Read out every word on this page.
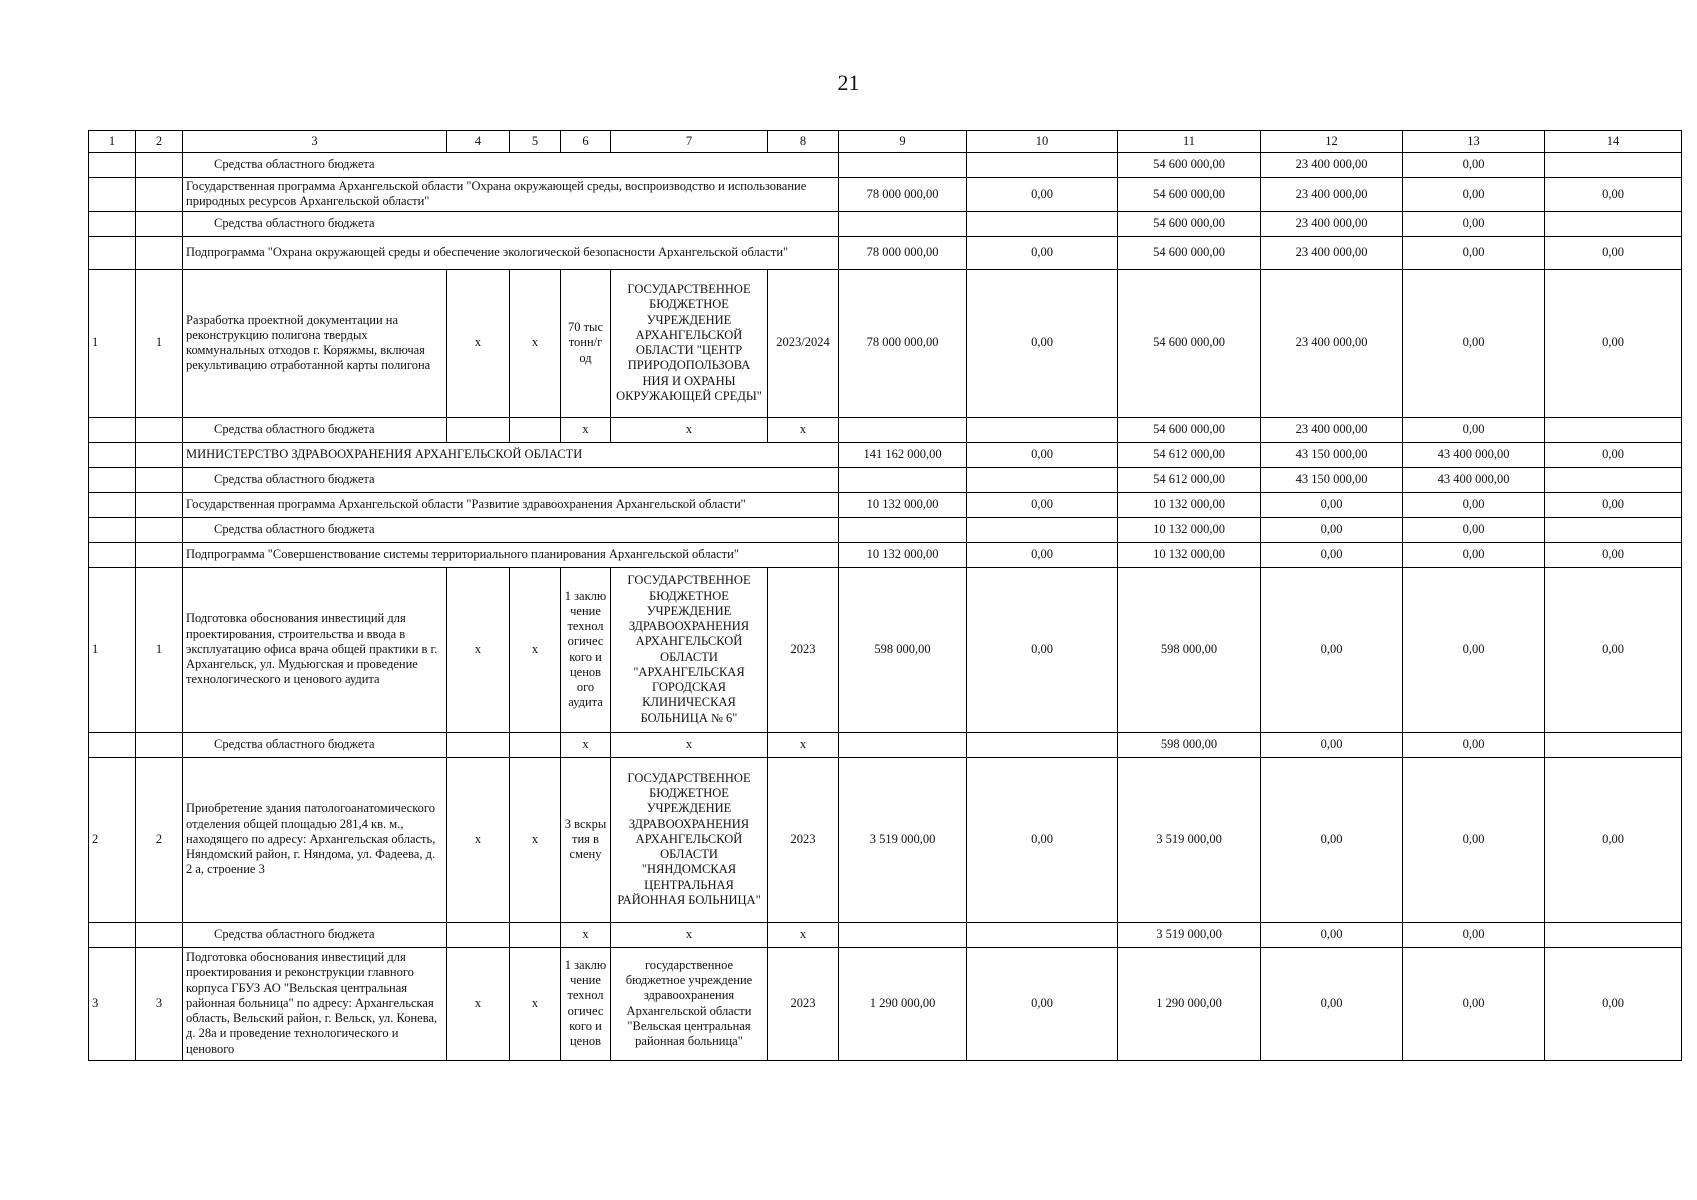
21
1	2	3	4	5	6	7	8	9	10	11	12	13	14
		Средства областного бюджета								54 600 000,00	23 400 000,00	0,00	
		Государственная программа Архангельской области "Охрана окружающей среды, воспроизводство и использование природных ресурсов Архангельской области"						78 000 000,00	0,00	54 600 000,00	23 400 000,00	0,00	0,00
		Средства областного бюджета								54 600 000,00	23 400 000,00	0,00	
		Подпрограмма "Охрана окружающей среды и обеспечение экологической безопасности Архангельской области"						78 000 000,00	0,00	54 600 000,00	23 400 000,00	0,00	0,00
1	1	Разработка проектной документации на реконструкцию полигона твердых коммунальных отходов г. Коряжмы, включая рекультивацию отработанной карты полигона	х	х	70 тыс тонн/г од	ГОСУДАРСТВЕННОЕ БЮДЖЕТНОЕ УЧРЕЖДЕНИЕ АРХАНГЕЛЬСКОЙ ОБЛАСТИ "ЦЕНТР ПРИРОДОПОЛЬЗОВА НИЯ И ОХРАНЫ ОКРУЖАЮЩЕЙ СРЕДЫ"	2023/2024	78 000 000,00	0,00	54 600 000,00	23 400 000,00	0,00	0,00
		Средства областного бюджета			х	х	х			54 600 000,00	23 400 000,00	0,00	
		МИНИСТЕРСТВО ЗДРАВООХРАНЕНИЯ АРХАНГЕЛЬСКОЙ ОБЛАСТИ						141 162 000,00	0,00	54 612 000,00	43 150 000,00	43 400 000,00	0,00
		Средства областного бюджета								54 612 000,00	43 150 000,00	43 400 000,00	
		Государственная программа Архангельской области "Развитие здравоохранения Архангельской области"						10 132 000,00	0,00	10 132 000,00	0,00	0,00	0,00
		Средства областного бюджета								10 132 000,00	0,00	0,00	
		Подпрограмма "Совершенствование системы территориального планирования Архангельской области"						10 132 000,00	0,00	10 132 000,00	0,00	0,00	0,00
1	1	Подготовка обоснования инвестиций для проектирования, строительства и ввода в эксплуатацию офиса врача общей практики в г. Архангельск, ул. Мудьюгская и проведение технологического и ценового аудита	х	х	1 заклю чение технол огичес кого и ценов ого аудита	ГОСУДАРСТВЕННОЕ БЮДЖЕТНОЕ УЧРЕЖДЕНИЕ ЗДРАВООХРАНЕНИЯ АРХАНГЕЛЬСКОЙ ОБЛАСТИ "АРХАНГЕЛЬСКАЯ ГОРОДСКАЯ КЛИНИЧЕСКАЯ БОЛЬНИЦА № 6"	2023	598 000,00	0,00	598 000,00	0,00	0,00	0,00
		Средства областного бюджета			х	х	х			598 000,00	0,00	0,00	
2	2	Приобретение здания патологоанатомического отделения общей площадью 281,4 кв. м., находящего по адресу: Архангельская область, Няндомский район, г. Няндома, ул. Фадеева, д. 2 а, строение 3	х	х	3 вскры тия в смену	ГОСУДАРСТВЕННОЕ БЮДЖЕТНОЕ УЧРЕЖДЕНИЕ ЗДРАВООХРАНЕНИЯ АРХАНГЕЛЬСКОЙ ОБЛАСТИ "НЯНДОМСКАЯ ЦЕНТРАЛЬНАЯ РАЙОННАЯ БОЛЬНИЦА"	2023	3 519 000,00	0,00	3 519 000,00	0,00	0,00	0,00
		Средства областного бюджета			х	х	х			3 519 000,00	0,00	0,00	
3	3	Подготовка обоснования инвестиций для проектирования и реконструкции главного корпуса ГБУЗ АО "Вельская центральная районная больница" по адресу: Архангельская область, Вельский район, г. Вельск, ул. Конева, д. 28а и проведение технологического и ценового	х	х	1 заклю чение технол огичес кого и ценов	государственное бюджетное учреждение здравоохранения Архангельской области "Вельская центральная районная больница"	2023	1 290 000,00	0,00	1 290 000,00	0,00	0,00	0,00
